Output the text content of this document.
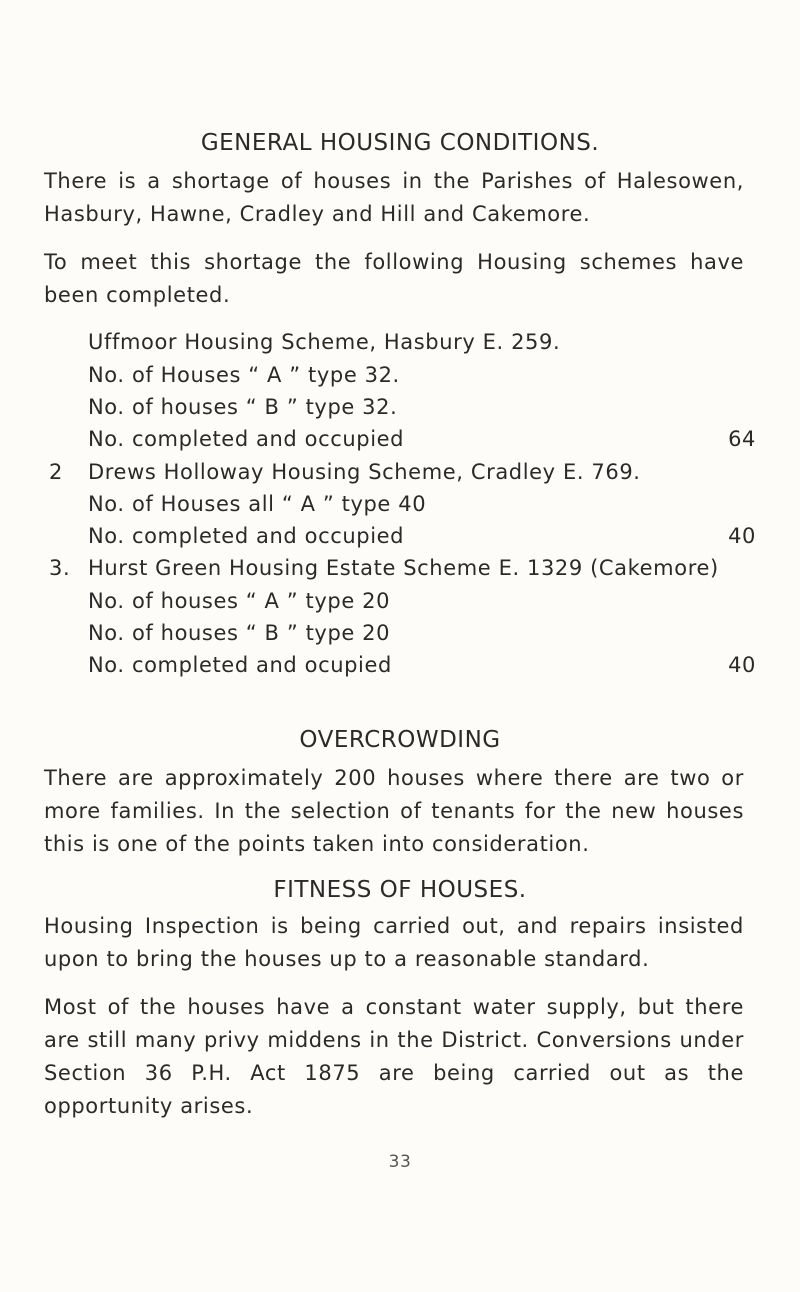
GENERAL HOUSING CONDITIONS.
There is a shortage of houses in the Parishes of Halesowen, Hasbury, Hawne, Cradley and Hill and Cakemore.
To meet this shortage the following Housing schemes have been completed.
Uffmoor Housing Scheme, Hasbury E. 259.
No. of Houses “ A ” type 32.
No. of houses “ B ” type 32.
No. completed and occupied	64
2 Drews Holloway Housing Scheme, Cradley E. 769.
No. of Houses all “ A ” type 40
No. completed and occupied	40
3. Hurst Green Housing Estate Scheme E. 1329 (Cakemore)
No. of houses “ A ” type 20
No. of houses “ B ” type 20
No. completed and ocupied	40
OVERCROWDING
There are approximately 200 houses where there are two or more families. In the selection of tenants for the new houses this is one of the points taken into consideration.
FITNESS OF HOUSES.
Housing Inspection is being carried out, and repairs insisted upon to bring the houses up to a reasonable standard.
Most of the houses have a constant water supply, but there are still many privy middens in the District. Conversions under Section 36 P.H. Act 1875 are being carried out as the opportunity arises.
33
